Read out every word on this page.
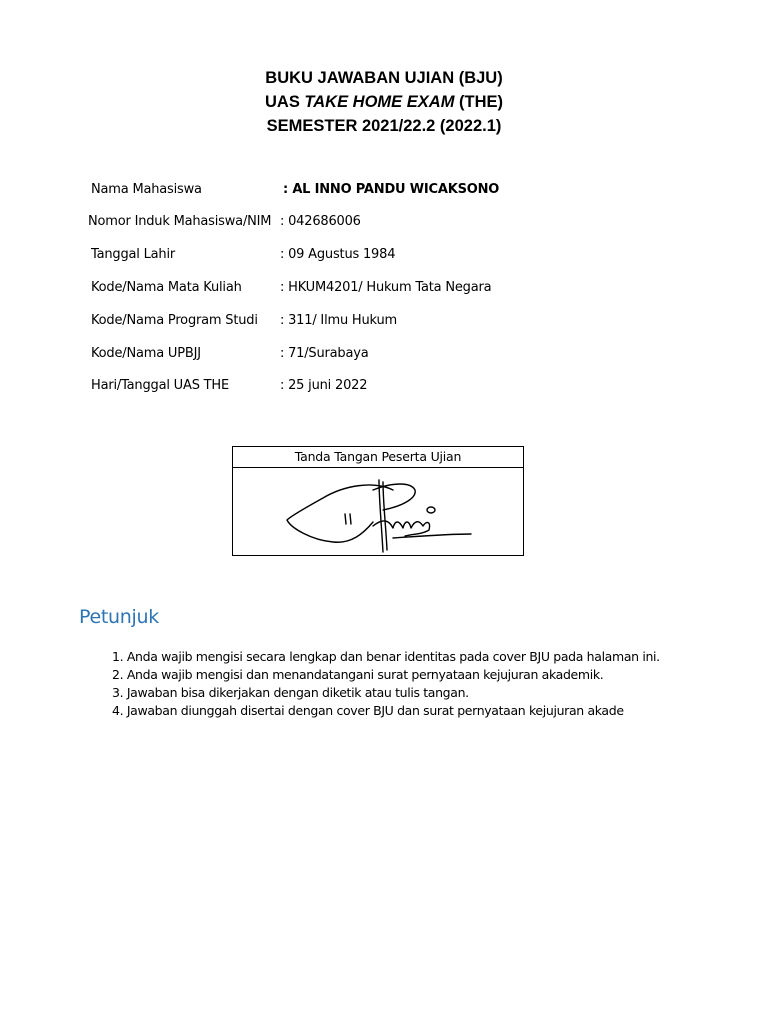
BUKU JAWABAN UJIAN (BJU)
UAS TAKE HOME EXAM (THE)
SEMESTER 2021/22.2 (2022.1)
Nama Mahasiswa	: AL INNO PANDU WICAKSONO
Nomor Induk Mahasiswa/NIM : 042686006
Tanggal Lahir	: 09 Agustus 1984
Kode/Nama Mata Kuliah	: HKUM4201/ Hukum Tata Negara
Kode/Nama Program Studi : 311/ Ilmu Hukum
Kode/Nama UPBJJ	: 71/Surabaya
Hari/Tanggal UAS THE	: 25 juni 2022
Tanda Tangan Peserta Ujian
Petunjuk
1. Anda wajib mengisi secara lengkap dan benar identitas pada cover BJU pada halaman ini.
2. Anda wajib mengisi dan menandatangani surat pernyataan kejujuran akademik.
3. Jawaban bisa dikerjakan dengan diketik atau tulis tangan.
4. Jawaban diunggah disertai dengan cover BJU dan surat pernyataan kejujuran akade
